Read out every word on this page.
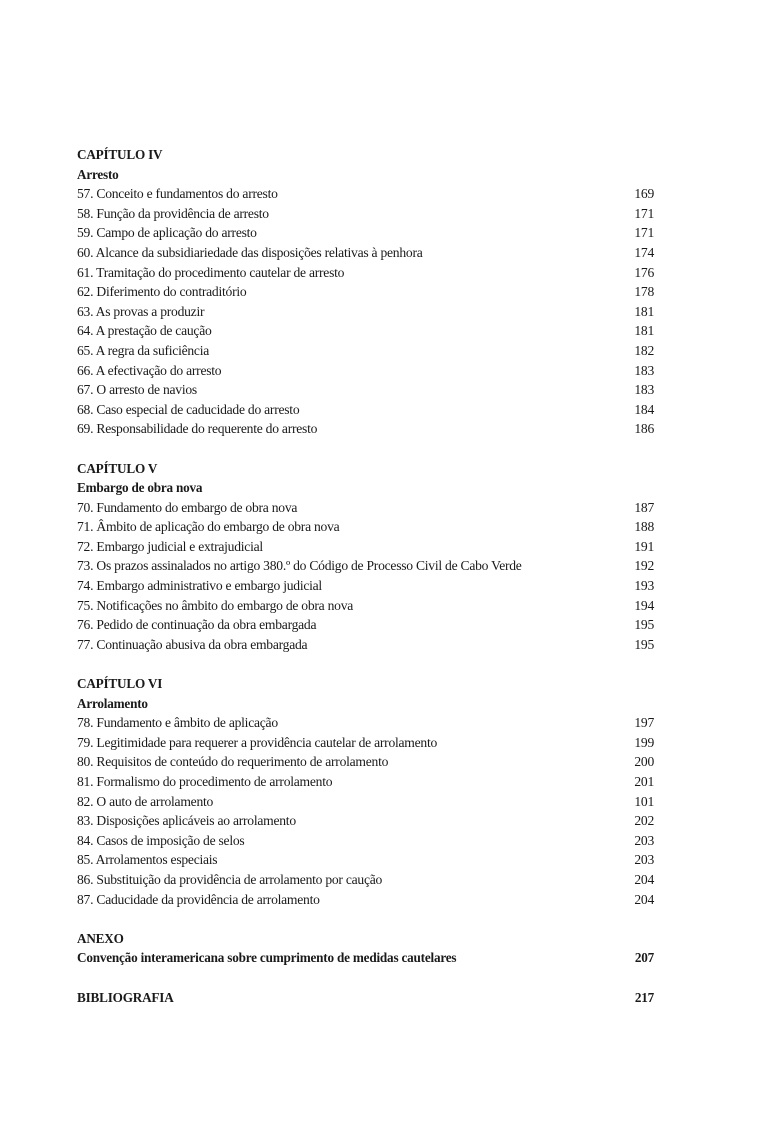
CAPÍTULO IV
Arresto
57. Conceito e fundamentos do arresto	169
58. Função da providência de arresto	171
59. Campo de aplicação do arresto	171
60. Alcance da subsidiariedade das disposições relativas à penhora	174
61. Tramitação do procedimento cautelar de arresto	176
62. Diferimento do contraditório	178
63. As provas a produzir	181
64. A prestação de caução	181
65. A regra da suficiência	182
66. A efectivação do arresto	183
67. O arresto de navios	183
68. Caso especial de caducidade do arresto	184
69. Responsabilidade do requerente do arresto	186
CAPÍTULO V
Embargo de obra nova
70. Fundamento do embargo de obra nova	187
71. Âmbito de aplicação do embargo de obra nova	188
72. Embargo judicial e extrajudicial	191
73. Os prazos assinalados no artigo 380.º do Código de Processo Civil de Cabo Verde	192
74. Embargo administrativo e embargo judicial	193
75. Notificações no âmbito do embargo de obra nova	194
76. Pedido de continuação da obra embargada	195
77. Continuação abusiva da obra embargada	195
CAPÍTULO VI
Arrolamento
78. Fundamento e âmbito de aplicação	197
79. Legitimidade para requerer a providência cautelar de arrolamento	199
80. Requisitos de conteúdo do requerimento de arrolamento	200
81. Formalismo do procedimento de arrolamento	201
82. O auto de arrolamento	101
83. Disposições aplicáveis ao arrolamento	202
84. Casos de imposição de selos	203
85. Arrolamentos especiais	203
86. Substituição da providência de arrolamento por caução	204
87. Caducidade da providência de arrolamento	204
ANEXO
Convenção interamericana sobre cumprimento de medidas cautelares	207
BIBLIOGRAFIA	217
